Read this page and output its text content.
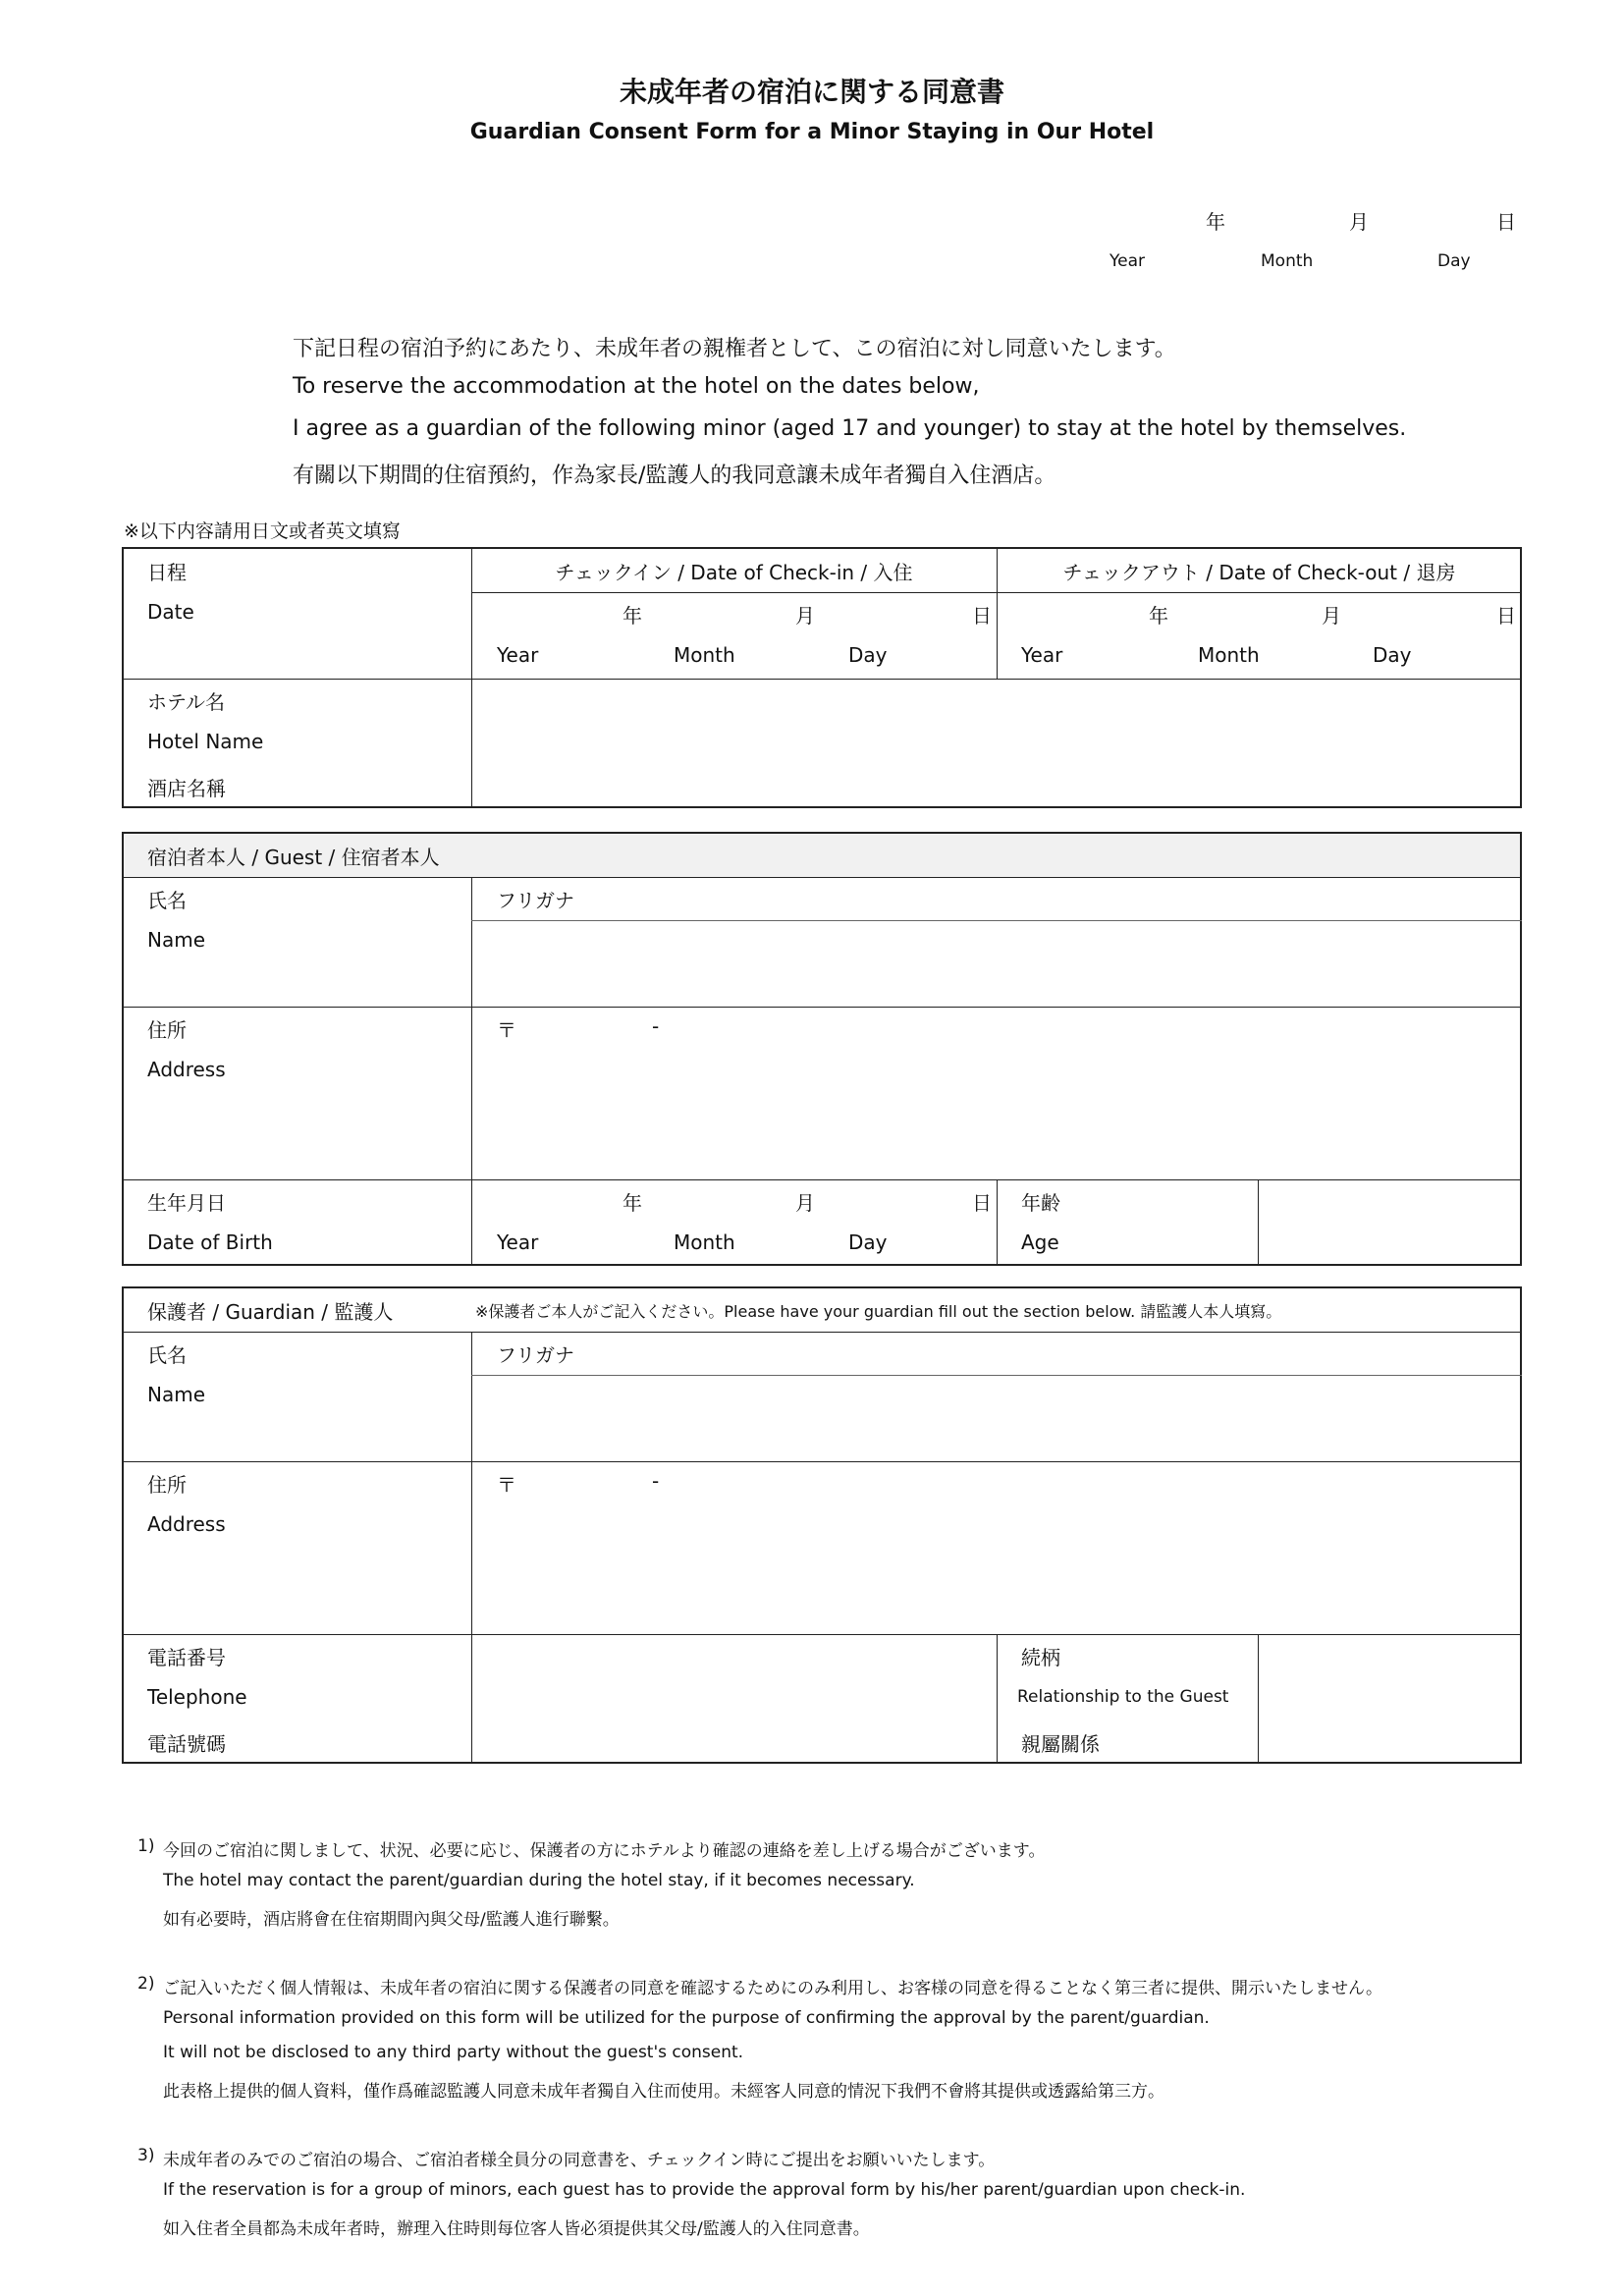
未成年者の宿泊に関する同意書
Guardian Consent Form for a Minor Staying in Our Hotel
年	月	日
Year	Month	Day
下記日程の宿泊予約にあたり、未成年者の親権者として、この宿泊に対し同意いたします。
To reserve the accommodation at the hotel on the dates below,
I agree as a guardian of the following minor (aged 17 and younger) to stay at the hotel by themselves.
有關以下期間的住宿預約，作為家長/監護人的我同意讓未成年者獨自入住酒店。
※以下内容請用日文或者英文填寫
日程
Date
チェックイン / Date of Check-in / 入住	チェックアウト / Date of Check-out / 退房
年	月	日
Year	Month	Day
年	月	日
Year	Month	Day
ホテル名
Hotel Name
酒店名稱
宿泊者本人 / Guest / 住宿者本人
氏名
Name
フリガナ
住所
Address
〒	-
生年月日
Date of Birth
年	月	日
Year	Month	Day
年齢
Age
保護者 / Guardian / 監護人	※保護者ご本人がご記入ください。Please have your guardian fill out the section below. 請監護人本人填寫。
氏名
Name
フリガナ
住所
Address
〒	-
電話番号
Telephone
電話號碼
続柄
Relationship to the Guest
親屬關係
1) 今回のご宿泊に関しまして、状況、必要に応じ、保護者の方にホテルより確認の連絡を差し上げる場合がございます。
The hotel may contact the parent/guardian during the hotel stay, if it becomes necessary.
如有必要時，酒店將會在住宿期間內與父母/監護人進行聯繫。
2) ご記入いただく個人情報は、未成年者の宿泊に関する保護者の同意を確認するためにのみ利用し、お客様の同意を得ることなく第三者に提供、開示いたしません。
Personal information provided on this form will be utilized for the purpose of confirming the approval by the parent/guardian.
It will not be disclosed to any third party without the guest's consent.
此表格上提供的個人資料，僅作爲確認監護人同意未成年者獨自入住而使用。未經客人同意的情況下我們不會將其提供或透露給第三方。
3) 未成年者のみでのご宿泊の場合、ご宿泊者様全員分の同意書を、チェックイン時にご提出をお願いいたします。
If the reservation is for a group of minors, each guest has to provide the approval form by his/her parent/guardian upon check-in.
如入住者全員都為未成年者時，辦理入住時則每位客人皆必須提供其父母/監護人的入住同意書。
